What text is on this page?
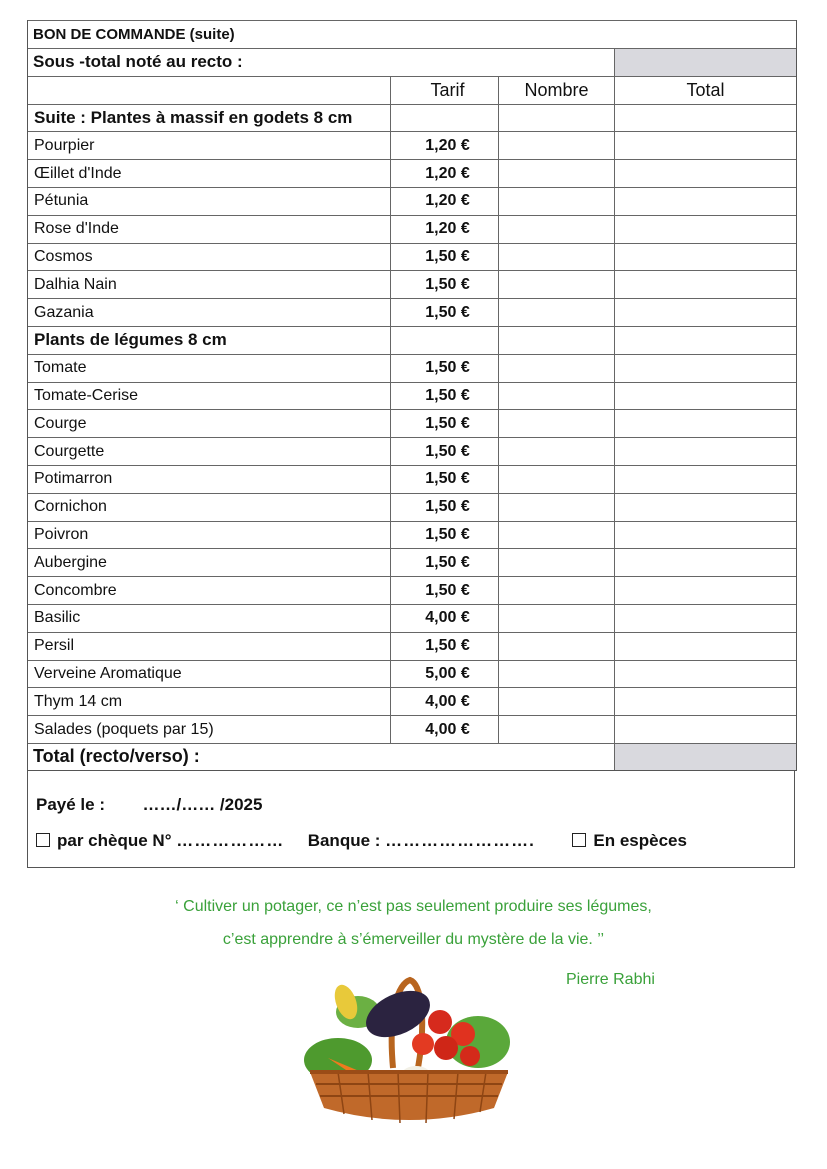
BON DE COMMANDE (suite)
Sous -total noté au recto :
Tarif	Nombre	Total
Suite : Plantes à massif en godets 8 cm
Pourpier	1,20 €
Œillet d'Inde	1,20 €
Pétunia	1,20 €
Rose d'Inde	1,20 €
Cosmos	1,50 €
Dalhia Nain	1,50 €
Gazania	1,50 €
Plants de légumes 8 cm
Tomate	1,50 €
Tomate-Cerise	1,50 €
Courge	1,50 €
Courgette	1,50 €
Potimarron	1,50 €
Cornichon	1,50 €
Poivron	1,50 €
Aubergine	1,50 €
Concombre	1,50 €
Basilic	4,00 €
Persil	1,50 €
Verveine Aromatique	5,00 €
Thym 14 cm	4,00 €
Salades (poquets par 15)	4,00 €
Total (recto/verso) :
Payé le : ……/…… /2025
par chèque N° ……………… Banque : …………………….	En espèces
‘ Cultiver un potager, ce n’est pas seulement produire ses légumes,
c’est apprendre à s’émerveiller du mystère de la vie. ’’
Pierre Rabhi
